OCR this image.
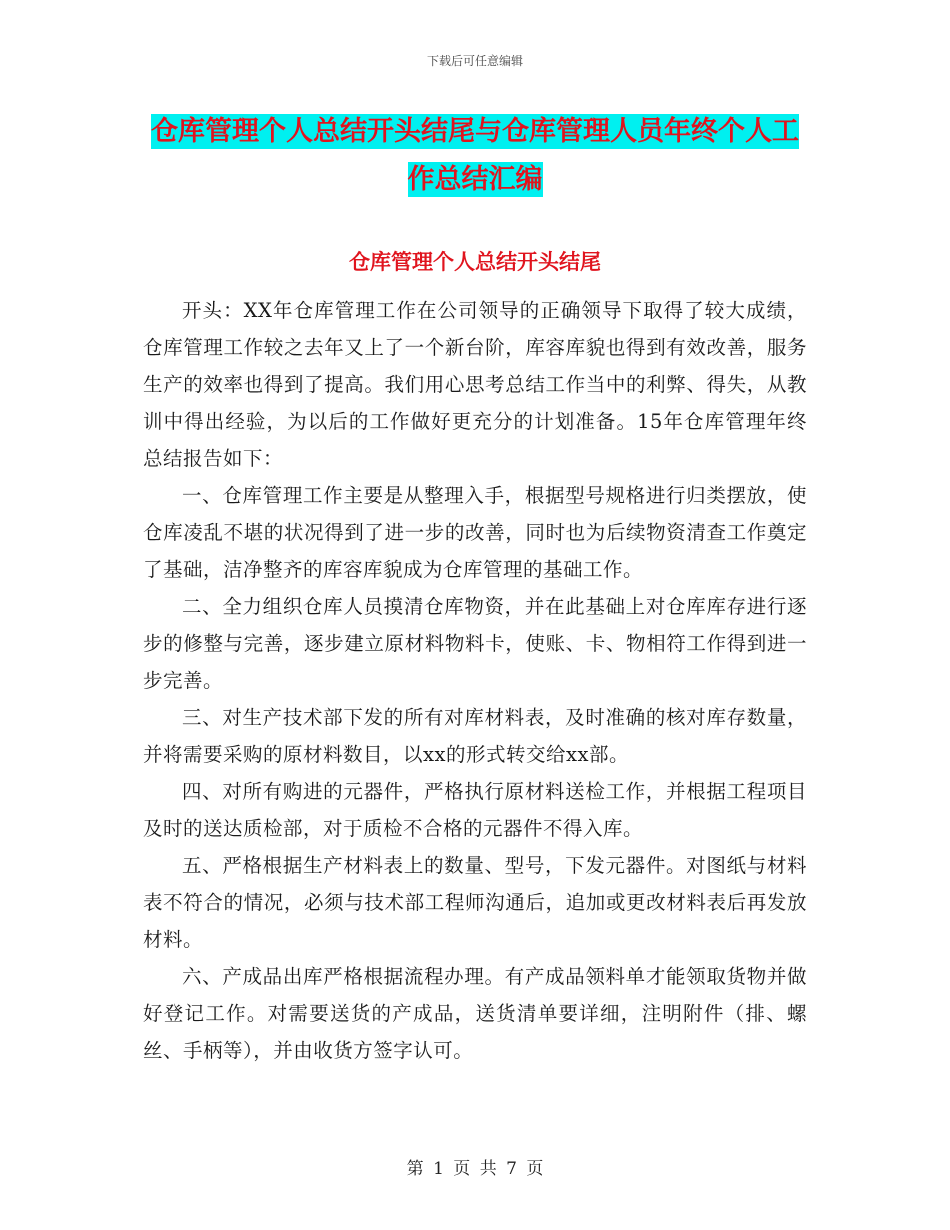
下载后可任意编辑
仓库管理个人总结开头结尾与仓库管理人员年终个人工作总结汇编
仓库管理个人总结开头结尾

开头：XX年仓库管理工作在公司领导的正确领导下取得了较大成绩，仓库管理工作较之去年又上了一个新台阶，库容库貌也得到有效改善，服务生产的效率也得到了提高。我们用心思考总结工作当中的利弊、得失，从教训中得出经验，为以后的工作做好更充分的计划准备。15年仓库管理年终总结报告如下：

一、仓库管理工作主要是从整理入手，根据型号规格进行归类摆放，使仓库凌乱不堪的状况得到了进一步的改善，同时也为后续物资清查工作奠定了基础，洁净整齐的库容库貌成为仓库管理的基础工作。

二、全力组织仓库人员摸清仓库物资，并在此基础上对仓库库存进行逐步的修整与完善，逐步建立原材料物料卡，使账、卡、物相符工作得到进一步完善。

三、对生产技术部下发的所有对库材料表，及时准确的核对库存数量，并将需要采购的原材料数目，以xx的形式转交给xx部。

四、对所有购进的元器件，严格执行原材料送检工作，并根据工程项目及时的送达质检部，对于质检不合格的元器件不得入库。

五、严格根据生产材料表上的数量、型号，下发元器件。对图纸与材料表不符合的情况，必须与技术部工程师沟通后，追加或更改材料表后再发放材料。

六、产成品出库严格根据流程办理。有产成品领料单才能领取货物并做好登记工作。对需要送货的产成品，送货清单要详细，注明附件（排、螺丝、手柄等），并由收货方签字认可。

第 1 页 共 7 页
